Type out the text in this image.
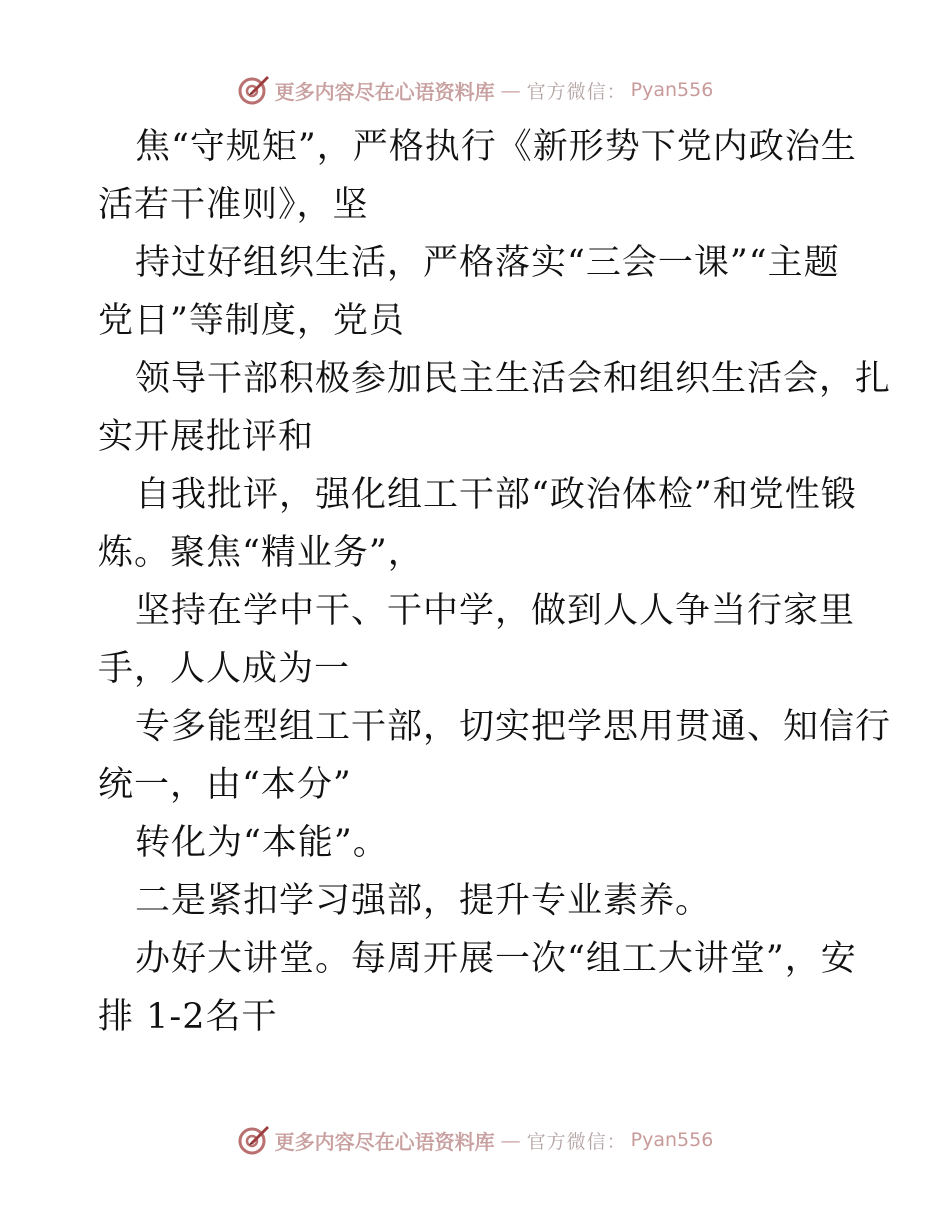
更多内容尽在心语资料库 — 官方微信： Pyan556
焦“守规矩”，严格执行《新形势下党内政治生
活若干准则》，坚
持过好组织生活，严格落实“三会一课”“主题
党日”等制度，党员
领导干部积极参加民主生活会和组织生活会，扎
实开展批评和
自我批评，强化组工干部“政治体检”和党性锻
炼。聚焦“精业务”，
坚持在学中干、干中学，做到人人争当行家里
手，人人成为一
专多能型组工干部，切实把学思用贯通、知信行
统一，由“本分”
转化为“本能”。
二是紧扣学习强部，提升专业素养。
办好大讲堂。每周开展一次“组工大讲堂”，安
排 1-2名干
更多内容尽在心语资料库 — 官方微信： Pyan556
